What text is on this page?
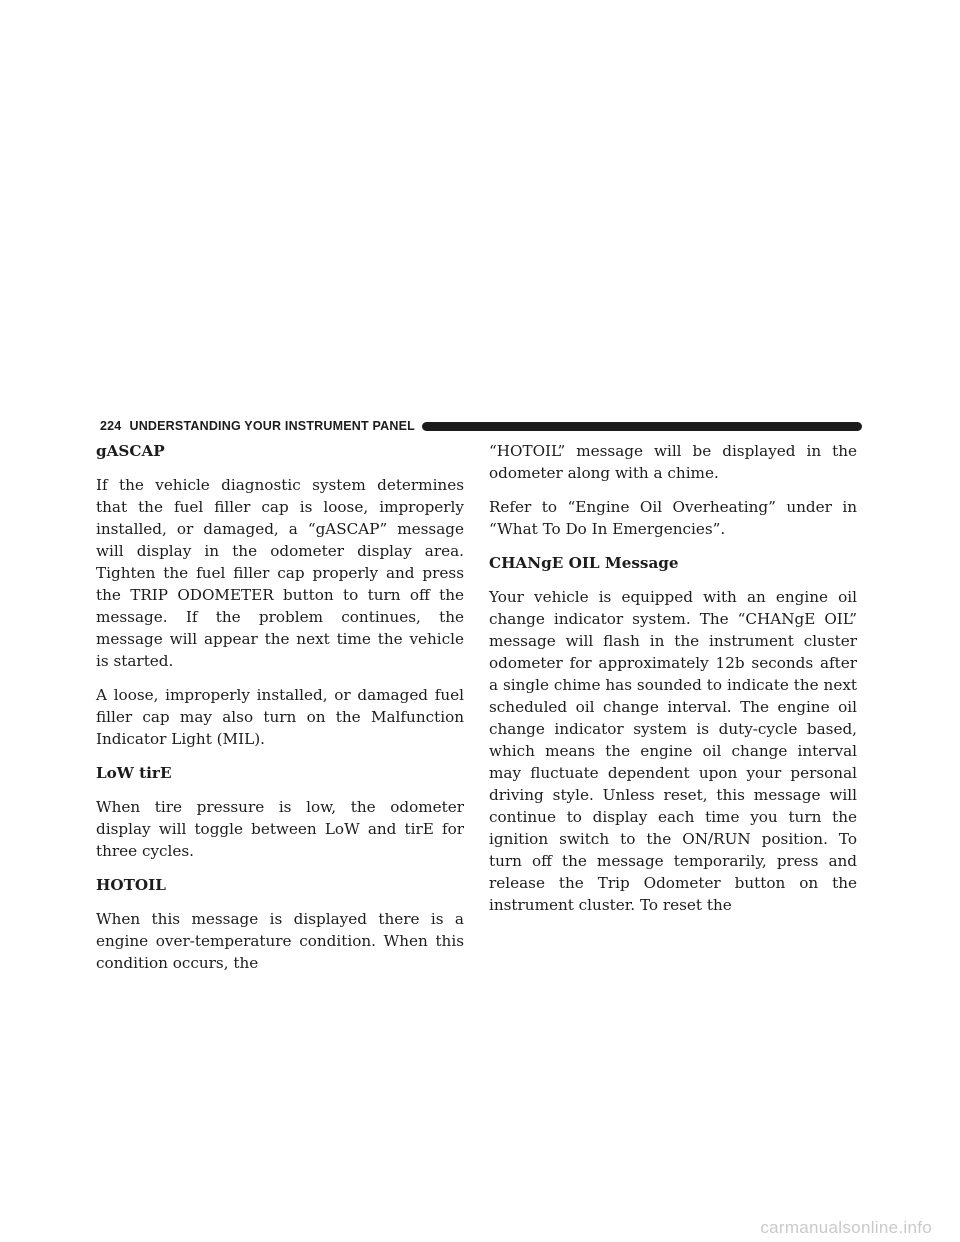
224 UNDERSTANDING YOUR INSTRUMENT PANEL
gASCAP

If the vehicle diagnostic system determines that the fuel filler cap is loose, improperly installed, or damaged, a “gASCAP” message will display in the odometer display area. Tighten the fuel filler cap properly and press the TRIP ODOMETER button to turn off the message. If the problem continues, the message will appear the next time the vehicle is started.

A loose, improperly installed, or damaged fuel filler cap may also turn on the Malfunction Indicator Light (MIL).

LoW tirE

When tire pressure is low, the odometer display will toggle between LoW and tirE for three cycles.

HOTOIL

When this message is displayed there is a engine over-temperature condition. When this condition occurs, the

“HOTOIL” message will be displayed in the odometer along with a chime.

Refer to “Engine Oil Overheating” under in “What To Do In Emergencies”.

CHANgE OIL Message

Your vehicle is equipped with an engine oil change indicator system. The “CHANgE OIL” message will flash in the instrument cluster odometer for approximately 12b seconds after a single chime has sounded to indicate the next scheduled oil change interval. The engine oil change indicator system is duty-cycle based, which means the engine oil change interval may fluctuate dependent upon your personal driving style. Unless reset, this message will continue to display each time you turn the ignition switch to the ON/RUN position. To turn off the message temporarily, press and release the Trip Odometer button on the instrument cluster. To reset the

carmanualsonline.info
